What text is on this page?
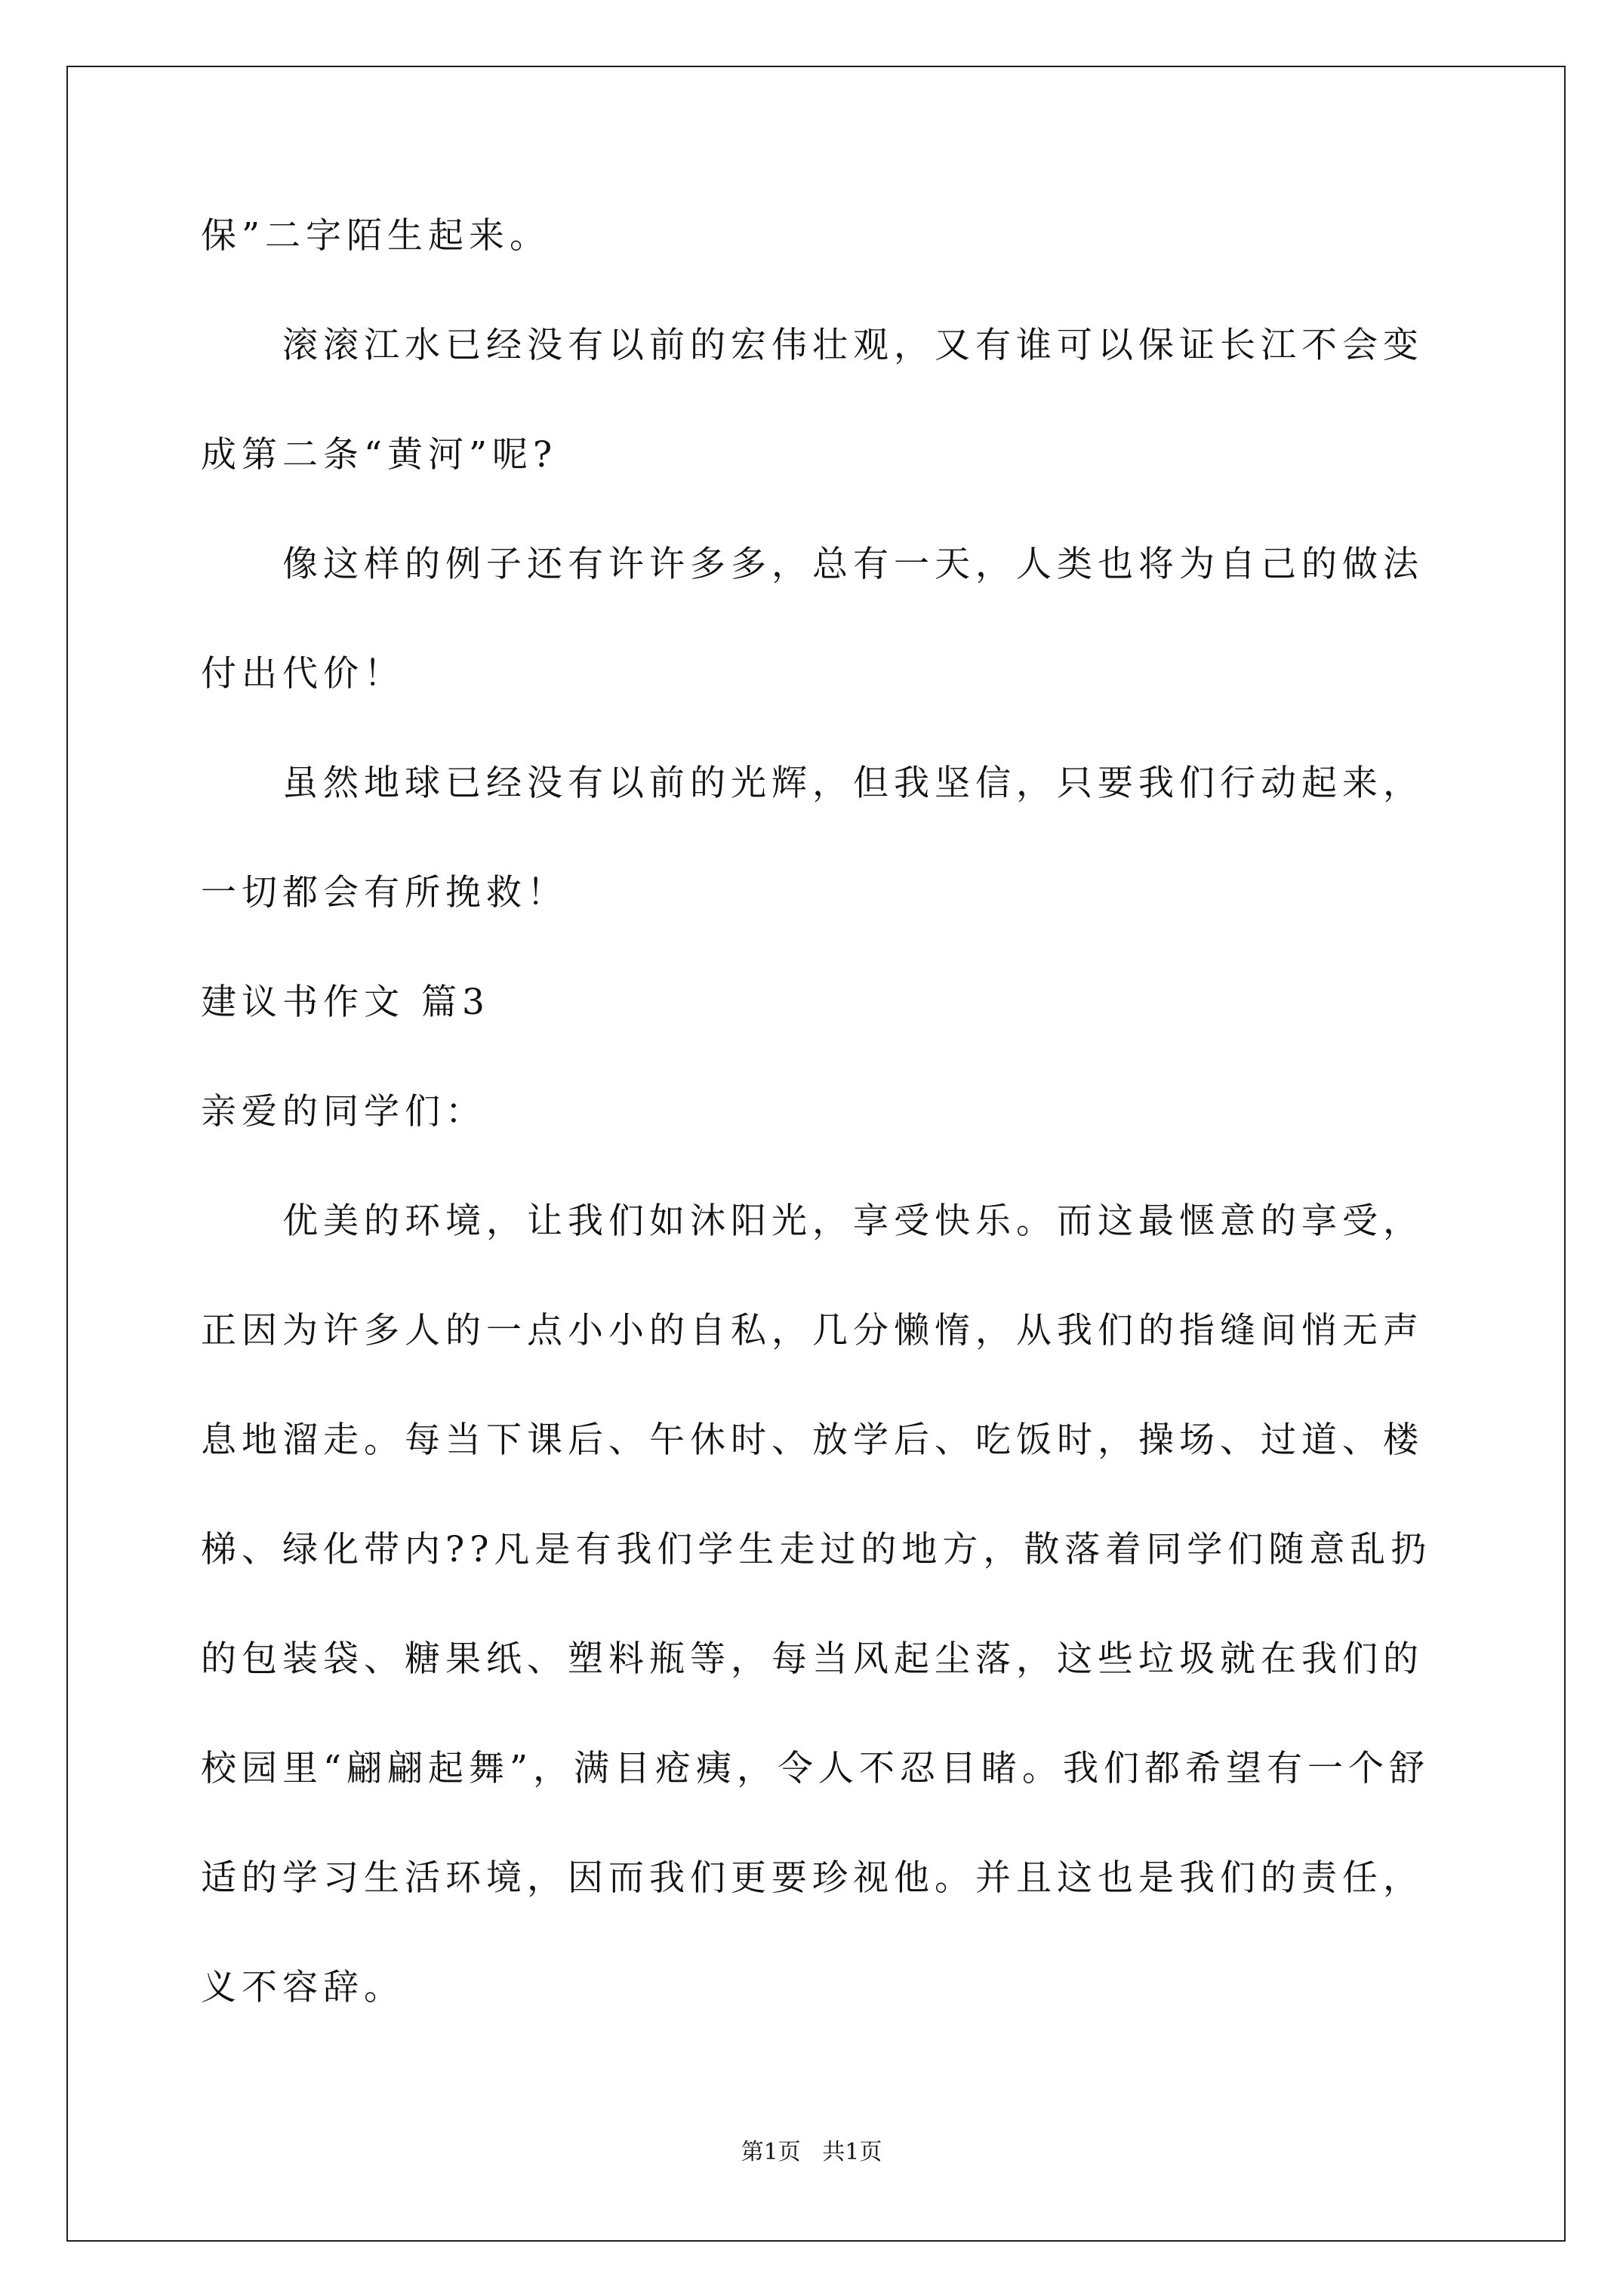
保”二字陌生起来。
滚滚江水已经没有以前的宏伟壮观，又有谁可以保证长江不会变
成第二条“黄河”呢?
像这样的例子还有许许多多，总有一天，人类也将为自己的做法
付出代价！
虽然地球已经没有以前的光辉，但我坚信，只要我们行动起来，
一切都会有所挽救！
建议书作文 篇3
亲爱的同学们：
优美的环境，让我们如沐阳光，享受快乐。而这最惬意的享受，
正因为许多人的一点小小的自私，几分懒惰，从我们的指缝间悄无声
息地溜走。每当下课后、午休时、放学后、吃饭时，操场、过道、楼
梯、绿化带内??凡是有我们学生走过的地方，散落着同学们随意乱扔
的包装袋、糖果纸、塑料瓶等，每当风起尘落，这些垃圾就在我们的
校园里“翩翩起舞”，满目疮痍，令人不忍目睹。我们都希望有一个舒
适的学习生活环境，因而我们更要珍视他。并且这也是我们的责任，
义不容辞。
第1页   共1页
